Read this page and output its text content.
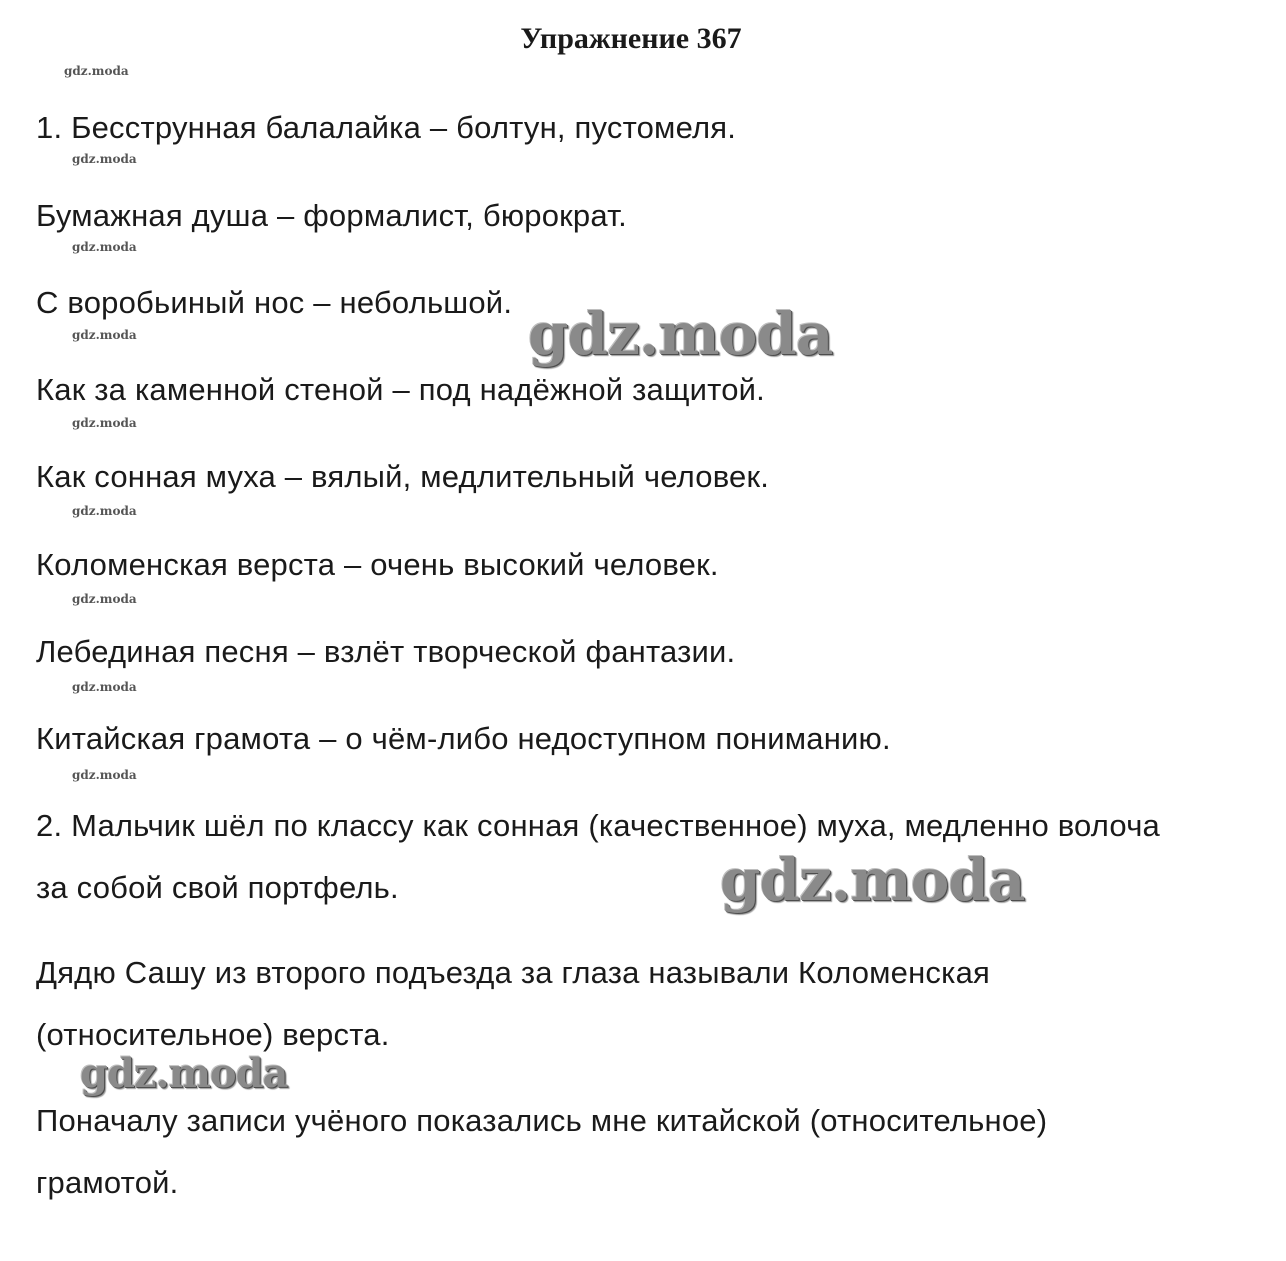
Упражнение 367
gdz.moda
1. Бесструнная балалайка – болтун, пустомеля.
gdz.moda
Бумажная душа – формалист, бюрократ.
gdz.moda
С воробьиный нос – небольшой.
gdz.moda
Как за каменной стеной – под надёжной защитой.
gdz.moda
Как сонная муха – вялый, медлительный человек.
gdz.moda
Коломенская верста – очень высокий человек.
gdz.moda
Лебединая песня – взлёт творческой фантазии.
gdz.moda
Китайская грамота – о чём-либо недоступном пониманию.
gdz.moda
2. Мальчик шёл по классу как сонная (качественное) муха, медленно волоча
за собой свой портфель.
Дядю Сашу из второго подъезда за глаза называли Коломенская
(относительное) верста.
Поначалу записи учёного показались мне китайской (относительное)
грамотой.
gdz.moda
gdz.moda
gdz.moda
